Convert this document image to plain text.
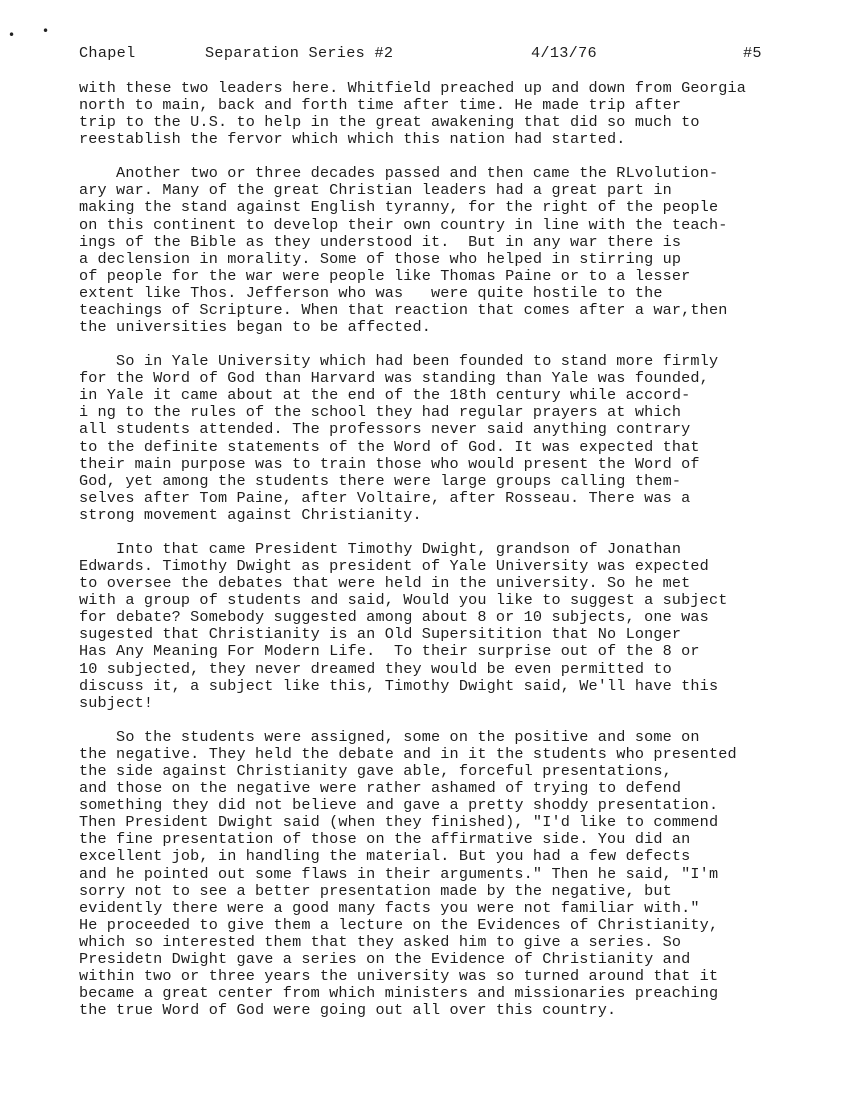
• •
Chapel	Separation Series #2	4/13/76	#5

with these two leaders here. Whitfield preached up and down from Georgia
north to main, back and forth time after time. He made trip after
trip to the U.S. to help in the great awakening that did so much to
reestablish the fervor which which this nation had started.

Another two or three decades passed and then came the RLvolution-
ary war. Many of the great Christian leaders had a great part in
making the stand against English tyranny, for the right of the people
on this continent to develop their own country in line with the teach-
ings of the Bible as they understood it.  But in any war there is
a declension in morality. Some of those who helped in stirring up
of people for the war were people like Thomas Paine or to a lesser
extent like Thos. Jefferson who was   were quite hostile to the
teachings of Scripture. When that reaction that comes after a war,then
the universities began to be affected.

So in Yale University which had been founded to stand more firmly
for the Word of God than Harvard was standing than Yale was founded,
in Yale it came about at the end of the 18th century while accord-
i ng to the rules of the school they had regular prayers at which
all students attended. The professors never said anything contrary
to the definite statements of the Word of God. It was expected that
their main purpose was to train those who would present the Word of
God, yet among the students there were large groups calling them-
selves after Tom Paine, after Voltaire, after Rosseau. There was a
strong movement against Christianity.

Into that came President Timothy Dwight, grandson of Jonathan
Edwards. Timothy Dwight as president of Yale University was expected
to oversee the debates that were held in the university. So he met
with a group of students and said, Would you like to suggest a subject
for debate? Somebody suggested among about 8 or 10 subjects, one was
sugested that Christianity is an Old Supersitition that No Longer
Has Any Meaning For Modern Life.  To their surprise out of the 8 or
10 subjected, they never dreamed they would be even permitted to
discuss it, a subject like this, Timothy Dwight said, We'll have this
subject!

So the students were assigned, some on the positive and some on
the negative. They held the debate and in it the students who presented
the side against Christianity gave able, forceful presentations,
and those on the negative were rather ashamed of trying to defend
something they did not believe and gave a pretty shoddy presentation.
Then President Dwight said (when they finished), "I'd like to commend
the fine presentation of those on the affirmative side. You did an
excellent job, in handling the material. But you had a few defects
and he pointed out some flaws in their arguments." Then he said, "I'm
sorry not to see a better presentation made by the negative, but
evidently there were a good many facts you were not familiar with."
He proceeded to give them a lecture on the Evidences of Christianity,
which so interested them that they asked him to give a series. So
Presidetn Dwight gave a series on the Evidence of Christianity and
within two or three years the university was so turned around that it
became a great center from which ministers and missionaries preaching
the true Word of God were going out all over this country.
